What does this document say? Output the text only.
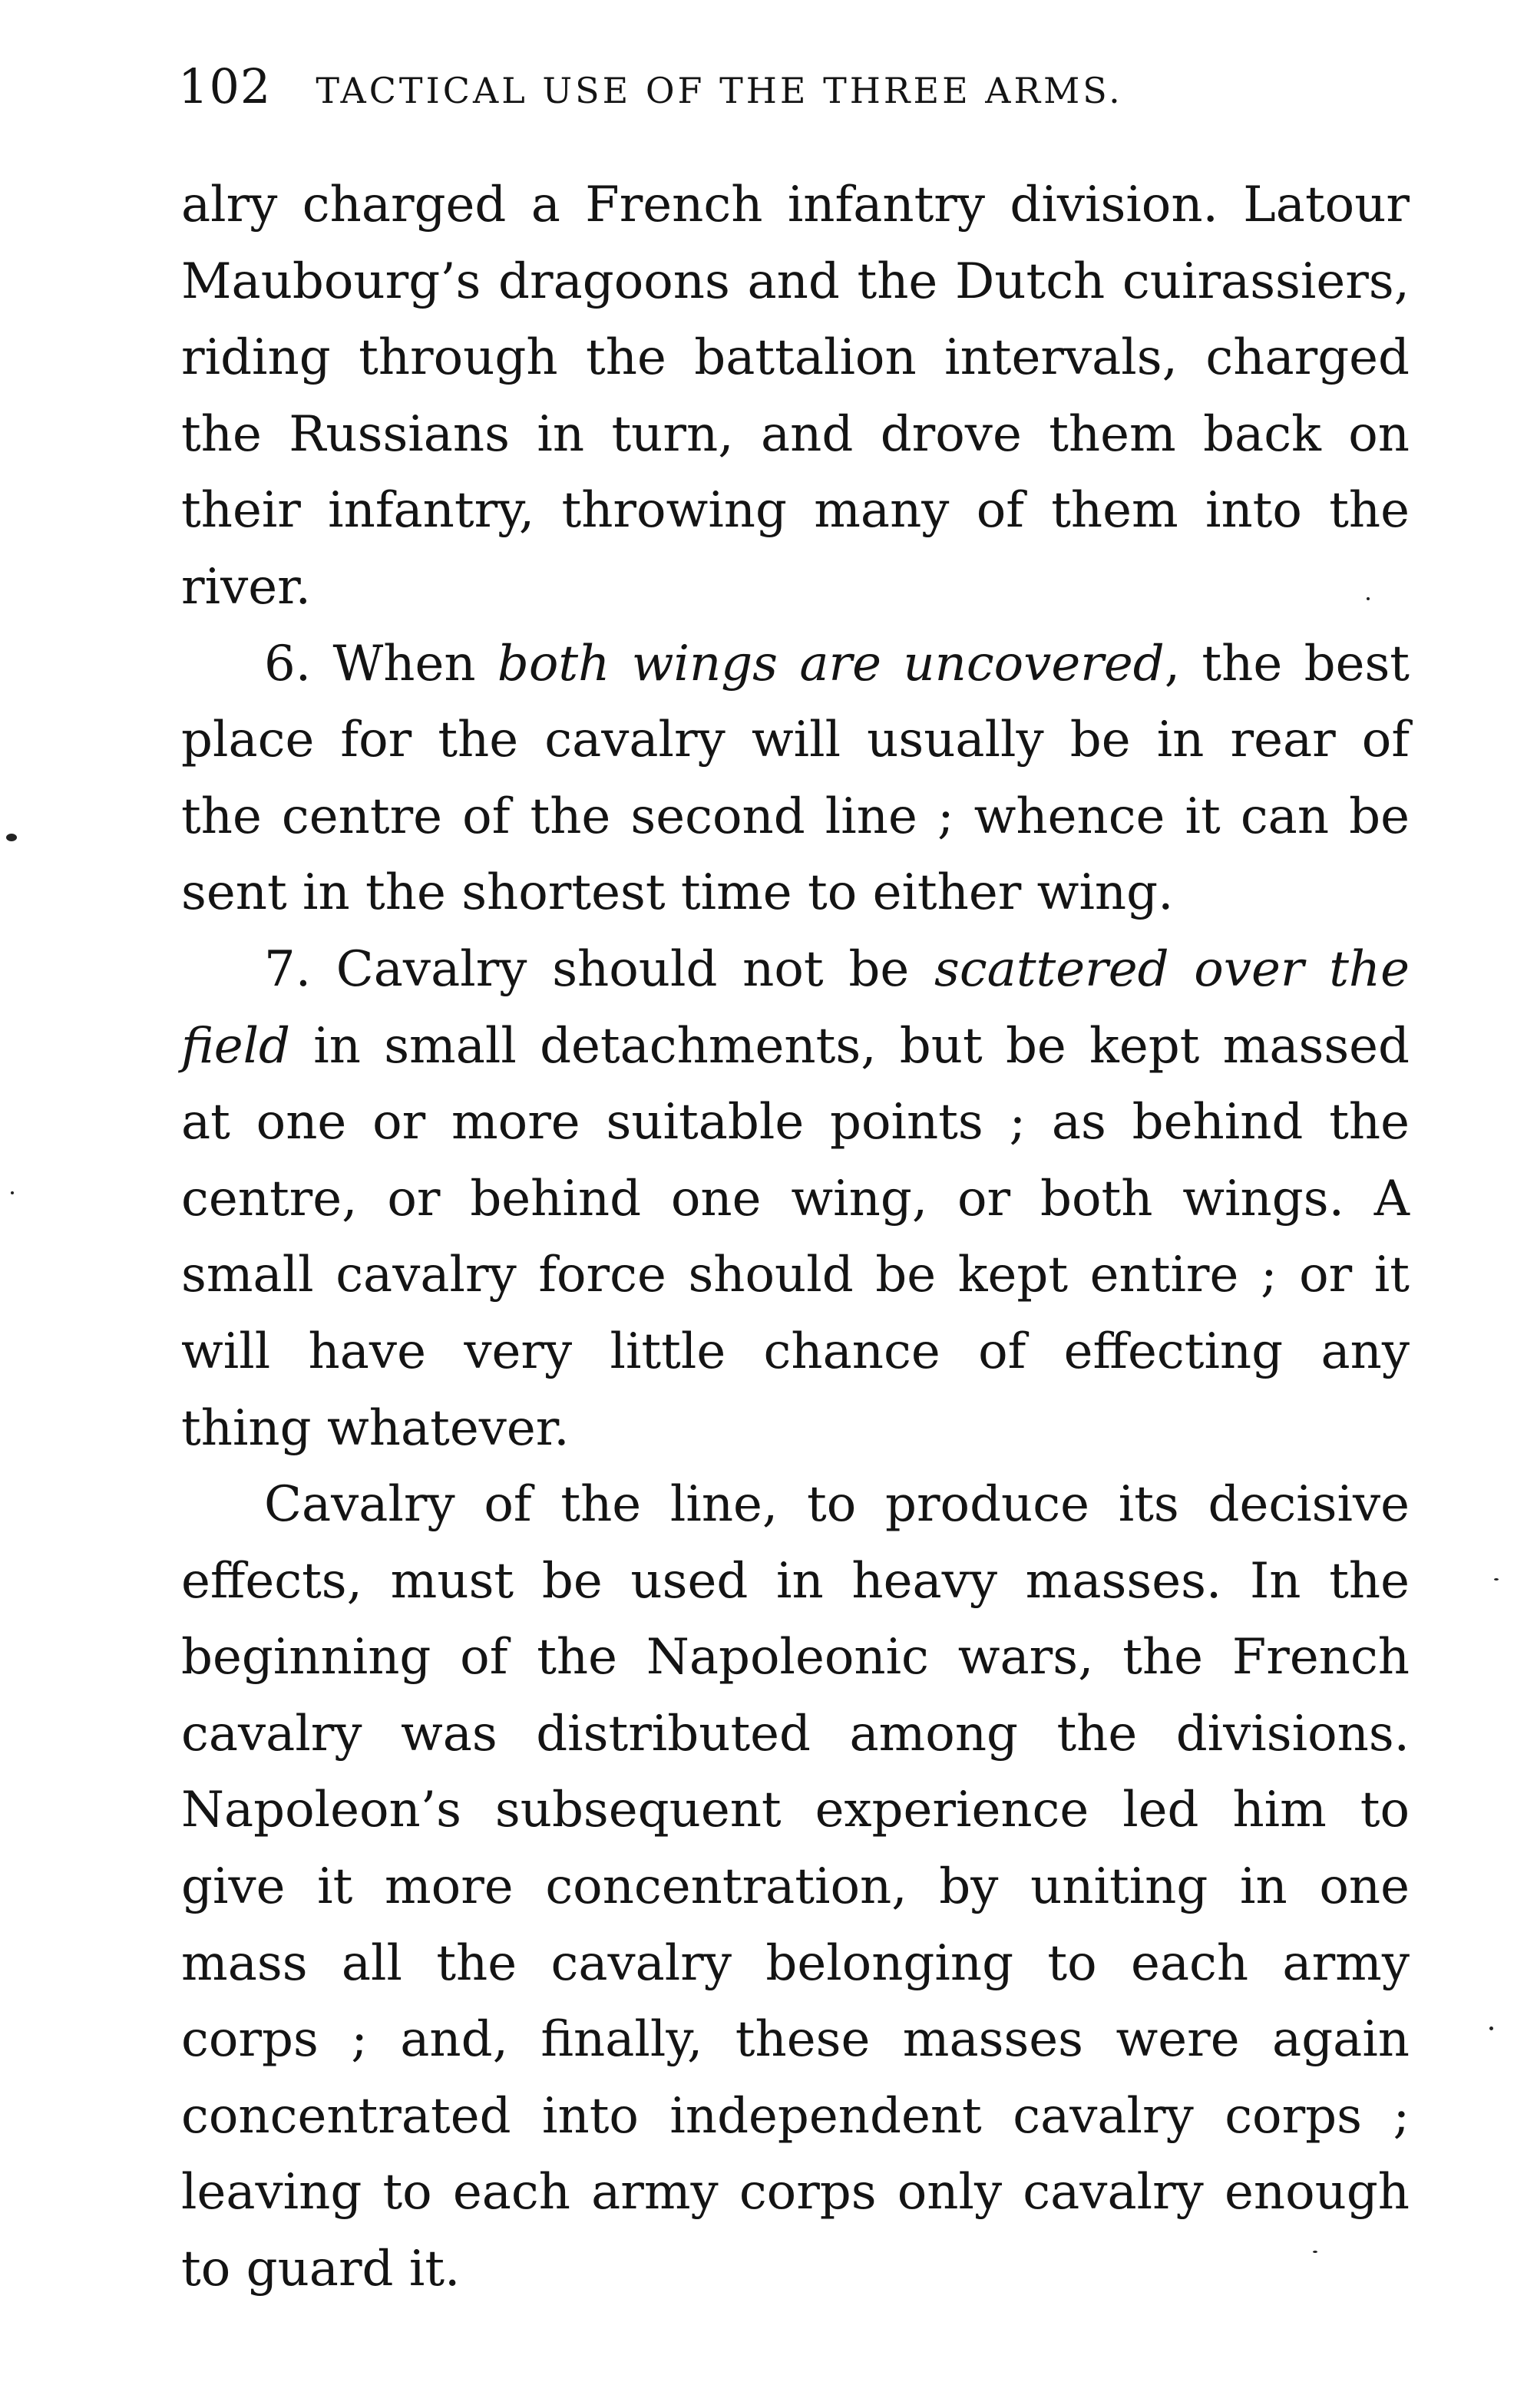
102 TACTICAL USE OF THE THREE ARMS.
alry charged a French infantry division. Latour
Maubourg’s dragoons and the Dutch cuirassiers,
riding through the battalion intervals, charged
the Russians in turn, and drove them back on
their infantry, throwing many of them into the
river.
6. When both wings are uncovered, the best
place for the cavalry will usually be in rear of
the centre of the second line ; whence it can be
sent in the shortest time to either wing.
7. Cavalry should not be scattered over the
field in small detachments, but be kept massed
at one or more suitable points ; as behind the
centre, or behind one wing, or both wings. A
small cavalry force should be kept entire ; or it
will have very little chance of effecting any
thing whatever.
Cavalry of the line, to produce its decisive
effects, must be used in heavy masses. In the
beginning of the Napoleonic wars, the French
cavalry was distributed among the divisions.
Napoleon’s subsequent experience led him to
give it more concentration, by uniting in one
mass all the cavalry belonging to each army
corps ; and, finally, these masses were again
concentrated into independent cavalry corps ;
leaving to each army corps only cavalry enough
to guard it.
